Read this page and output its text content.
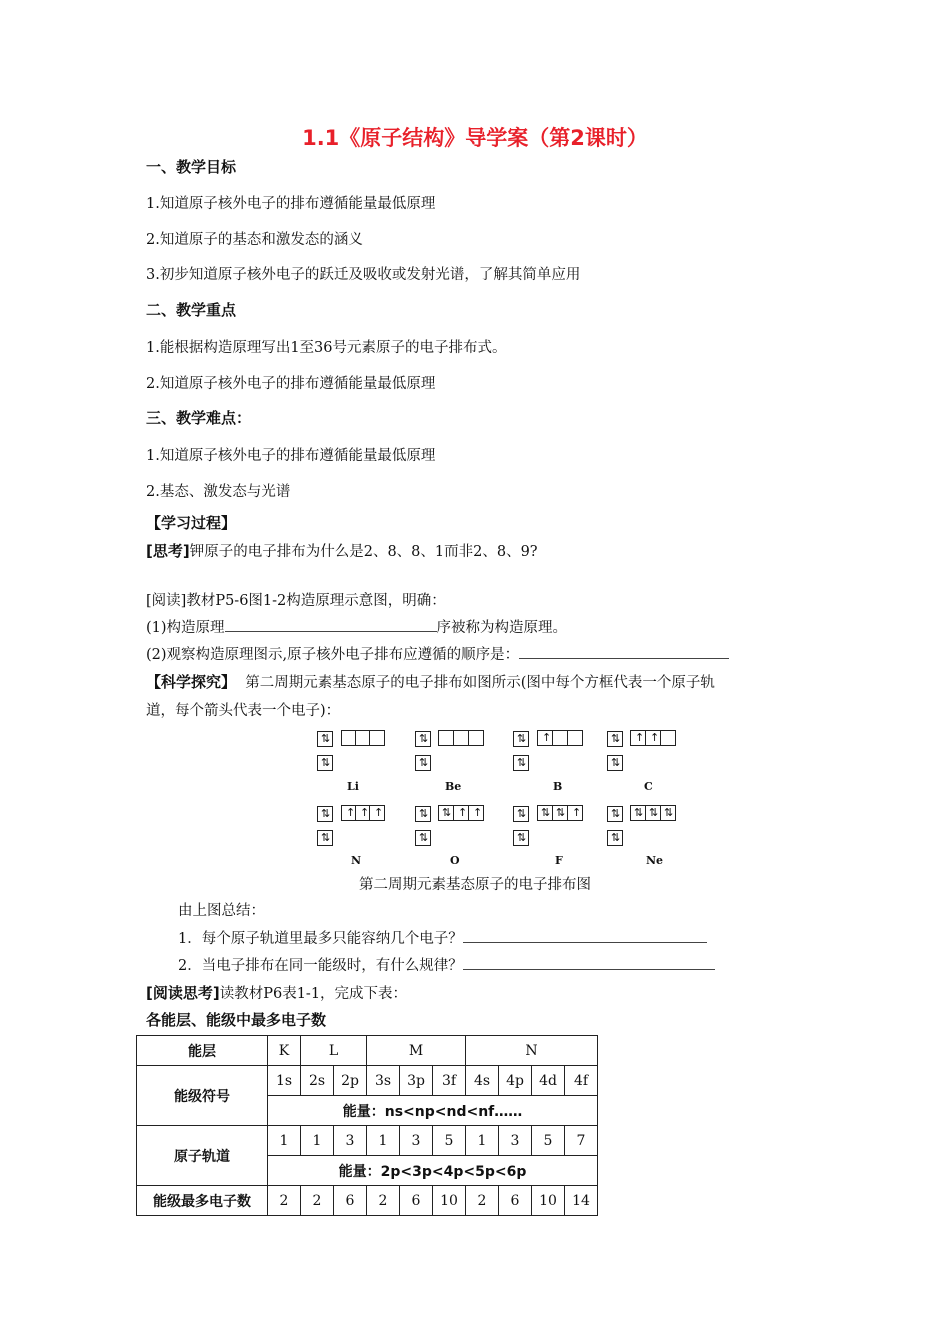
1.1《原子结构》导学案（第2课时）
一、教学目标
1.知道原子核外电子的排布遵循能量最低原理
2.知道原子的基态和激发态的涵义
3.初步知道原子核外电子的跃迁及吸收或发射光谱，了解其简单应用
二、教学重点
1.能根据构造原理写出1至36号元素原子的电子排布式。
2.知道原子核外电子的排布遵循能量最低原理
三、教学难点：
1.知道原子核外电子的排布遵循能量最低原理
2.基态、激发态与光谱
【学习过程】
[思考]钾原子的电子排布为什么是2、8、8、1而非2、8、9?
[阅读]教材P5-6图1-2构造原理示意图，明确：
(1)构造原理	序被称为构造原理。
(2)观察构造原理图示,原子核外电子排布应遵循的顺序是：
【科学探究】 第二周期元素基态原子的电子排布如图所示(图中每个方框代表一个原子轨
道，每个箭头代表一个电子)：
⇅
⇅
Li
⇅
⇅
Be
⇅ ↑
⇅
B
⇅ ↑ ↑
⇅
C
⇅ ↑ ↑ ↑
⇅
N
⇅ ⇅ ↑ ↑
⇅
O
⇅ ⇅ ⇅ ↑
⇅
F
⇅ ⇅ ⇅ ⇅
⇅
Ne
第二周期元素基态原子的电子排布图
由上图总结：
1．每个原子轨道里最多只能容纳几个电子？
2．当电子排布在同一能级时，有什么规律？
[阅读思考]读教材P6表1-1，完成下表：
各能层、能级中最多电子数
能层	K	L		M			N			
能级符号	1s	2s	2p	3s	3p	3f	4s	4p	4d	4f
	能量：ns<np<nd<nf……									
原子轨道	1	1	3	1	3	5	1	3	5	7
	能量：2p<3p<4p<5p<6p									
能级最多电子数	2	2	6	2	6	10	2	6	10	14
